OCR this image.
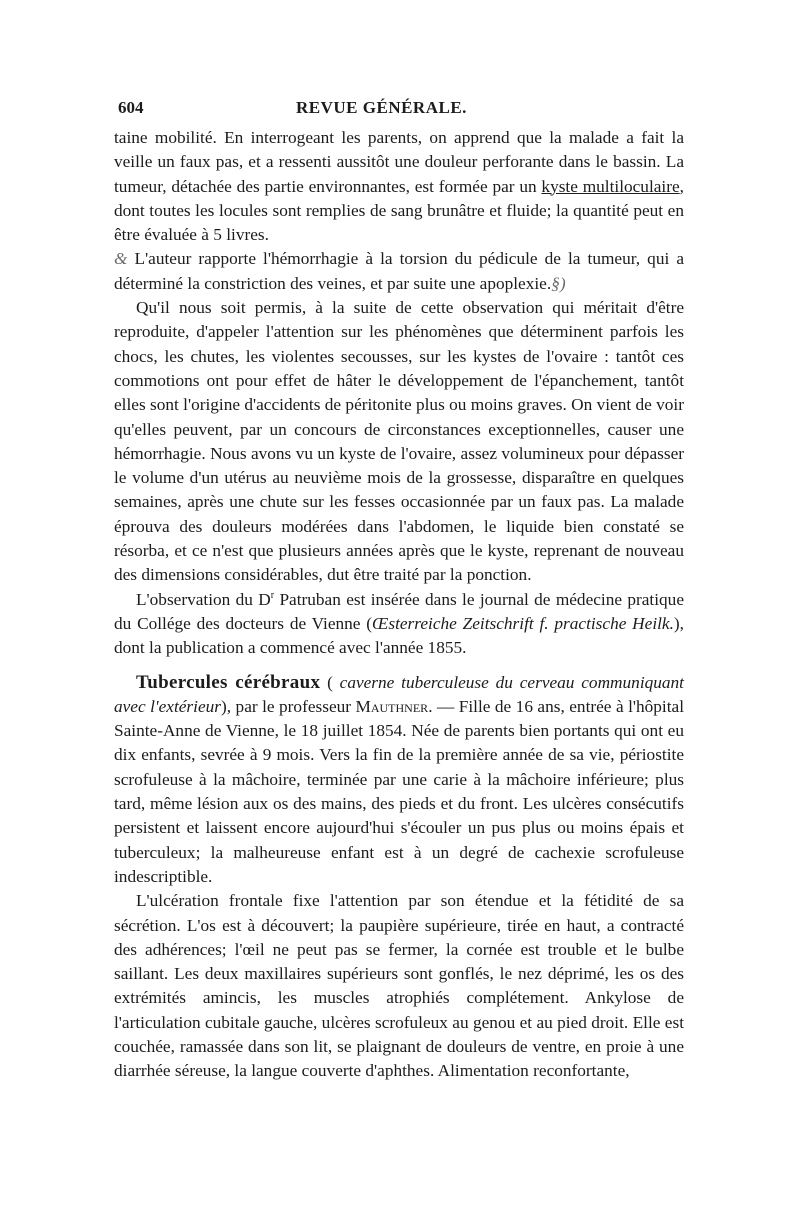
604	REVUE GÉNÉRALE.

taine mobilité. En interrogeant les parents, on apprend que la malade a fait la veille un faux pas, et a ressenti aussitôt une douleur perforante dans le bassin. La tumeur, détachée des partie environnantes, est formée par un kyste multiloculaire, dont toutes les locules sont remplies de sang brunâtre et fluide; la quantité peut en être évaluée à 5 livres.

& L'auteur rapporte l'hémorrhagie à la torsion du pédicule de la tumeur, qui a déterminé la constriction des veines, et par suite une apoplexie.§)

Qu'il nous soit permis, à la suite de cette observation qui méritait d'être reproduite, d'appeler l'attention sur les phénomènes que déterminent parfois les chocs, les chutes, les violentes secousses, sur les kystes de l'ovaire : tantôt ces commotions ont pour effet de hâter le développement de l'épanchement, tantôt elles sont l'origine d'accidents de péritonite plus ou moins graves. On vient de voir qu'elles peuvent, par un concours de circonstances exceptionnelles, causer une hémorrhagie. Nous avons vu un kyste de l'ovaire, assez volumineux pour dépasser le volume d'un utérus au neuvième mois de la grossesse, disparaître en quelques semaines, après une chute sur les fesses occasionnée par un faux pas. La malade éprouva des douleurs modérées dans l'abdomen, le liquide bien constaté se résorba, et ce n'est que plusieurs années après que le kyste, reprenant de nouveau des dimensions considérables, dut être traité par la ponction.

L'observation du $D^r$ Patruban est insérée dans le journal de médecine pratique du Collége des docteurs de Vienne (Œsterreiche Zeitschrift f. practische Heilk.), dont la publication a commencé avec l'année 1855.

Tubercules cérébraux ( caverne tuberculeuse du cerveau communiquant avec l'extérieur), par le professeur Mauthner. — Fille de 16 ans, entrée à l'hôpital Sainte-Anne de Vienne, le 18 juillet 1854. Née de parents bien portants qui ont eu dix enfants, sevrée à 9 mois. Vers la fin de la première année de sa vie, périostite scrofuleuse à la mâchoire, terminée par une carie à la mâchoire inférieure; plus tard, même lésion aux os des mains, des pieds et du front. Les ulcères consécutifs persistent et laissent encore aujourd'hui s'écouler un pus plus ou moins épais et tuberculeux; la malheureuse enfant est à un degré de cachexie scrofuleuse indescriptible.

L'ulcération frontale fixe l'attention par son étendue et la fétidité de sa sécrétion. L'os est à découvert; la paupière supérieure, tirée en haut, a contracté des adhérences; l'œil ne peut pas se fermer, la cornée est trouble et le bulbe saillant. Les deux maxillaires supérieurs sont gonflés, le nez déprimé, les os des extrémités amincis, les muscles atrophiés complétement. Ankylose de l'articulation cubitale gauche, ulcères scrofuleux au genou et au pied droit. Elle est couchée, ramassée dans son lit, se plaignant de douleurs de ventre, en proie à une diarrhée séreuse, la langue couverte d'aphthes. Alimentation reconfortante,
